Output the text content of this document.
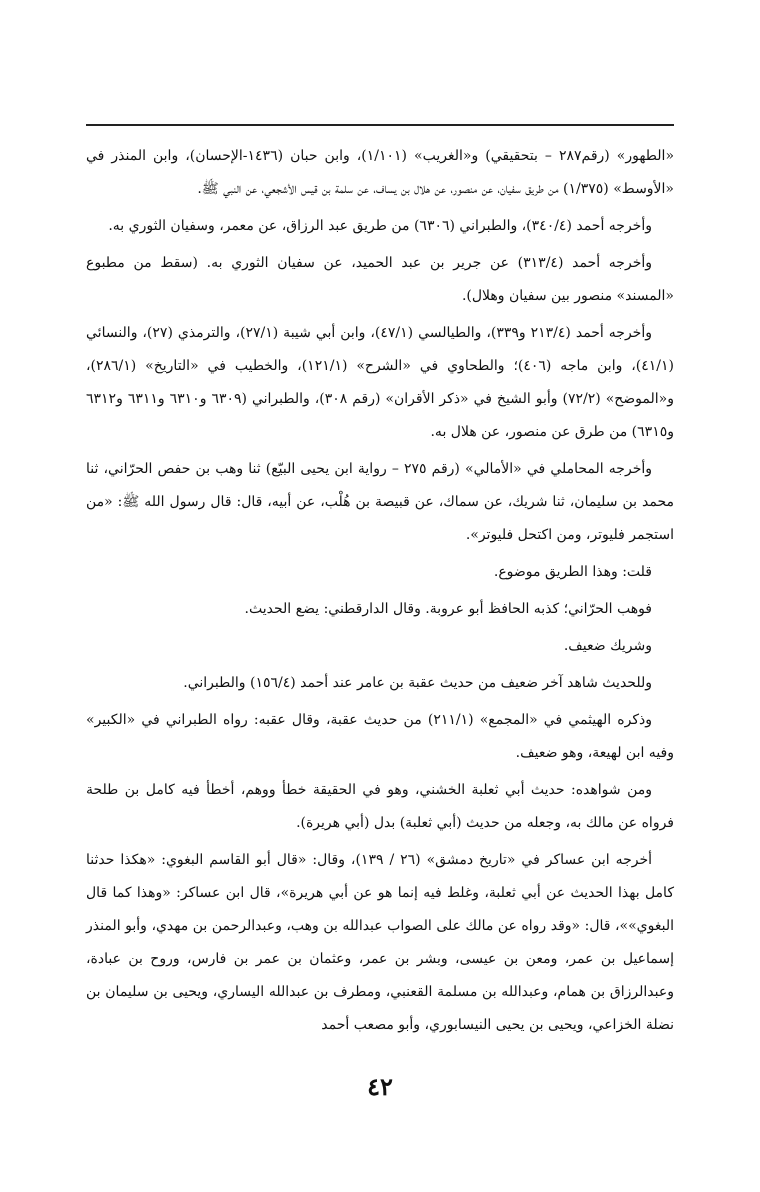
«الطهور» (رقم٢٨٧ – بتحقيقي) و«الغريب» (١/١٠١)، وابن حبان (١٤٣٦-الإحسان)، وابن المنذر في «الأوسط» (١/٣٧٥) من طريق سفيان، عن منصور، عن هلال بن يساف، عن سلمة بن قيس الأشجعي، عن النبي ﷺ.

وأخرجه أحمد (٣٤٠/٤)، والطبراني (٦٣٠٦) من طريق عبد الرزاق، عن معمر، وسفيان الثوري به.

وأخرجه أحمد (٣١٣/٤) عن جرير بن عبد الحميد، عن سفيان الثوري به. (سقط من مطبوع «المسند» منصور بين سفيان وهلال).

وأخرجه أحمد (٢١٣/٤ و٣٣٩)، والطيالسي (٤٧/١)، وابن أبي شيبة (٢٧/١)، والترمذي (٢٧)، والنسائي (٤١/١)، وابن ماجه (٤٠٦)؛ والطحاوي في «الشرح» (١٢١/١)، والخطيب في «التاريخ» (٢٨٦/١)، و«الموضح» (٧٢/٢) وأبو الشيخ في «ذكر الأقران» (رقم ٣٠٨)، والطبراني (٦٣٠٩ و٦٣١٠ و٦٣١١ و٦٣١٢ و٦٣١٥) من طرق عن منصور، عن هلال به.

وأخرجه المحاملي في «الأمالي» (رقم ٢٧٥ – رواية ابن يحيى البيّع) ثنا وهب بن حفص الحرّاني، ثنا محمد بن سليمان، ثنا شريك، عن سماك، عن قبيصة بن هُلْب، عن أبيه، قال: قال رسول الله ﷺ: «من استجمر فليوتر، ومن اكتحل فليوتر».

قلت: وهذا الطريق موضوع.

فوهب الحرّاني؛ كذبه الحافظ أبو عروبة. وقال الدارقطني: يضع الحديث.

وشريك ضعيف.

وللحديث شاهد آخر ضعيف من حديث عقبة بن عامر عند أحمد (١٥٦/٤) والطبراني.

وذكره الهيثمي في «المجمع» (٢١١/١) من حديث عقبة، وقال عقبه: رواه الطبراني في «الكبير» وفيه ابن لهيعة، وهو ضعيف.

ومن شواهده: حديث أبي ثعلبة الخشني، وهو في الحقيقة خطأ ووهم، أخطأ فيه كامل بن طلحة فرواه عن مالك به، وجعله من حديث (أبي ثعلبة) بدل (أبي هريرة).

أخرجه ابن عساكر في «تاريخ دمشق» (٢٦ / ١٣٩)، وقال: «قال أبو القاسم البغوي: «هكذا حدثنا كامل بهذا الحديث عن أبي ثعلبة، وغلط فيه إنما هو عن أبي هريرة»، قال ابن عساكر: «وهذا كما قال البغوي»»، قال: «وقد رواه عن مالك على الصواب عبدالله بن وهب، وعبدالرحمن بن مهدي، وأبو المنذر إسماعيل بن عمر، ومعن بن عيسى، وبشر بن عمر، وعثمان بن عمر بن فارس، وروح بن عبادة، وعبدالرزاق بن همام، وعبدالله بن مسلمة القعنبي، ومطرف بن عبدالله اليساري، ويحيى بن سليمان بن نضلة الخزاعي، ويحيى بن يحيى النيسابوري، وأبو مصعب أحمد

٤٢
